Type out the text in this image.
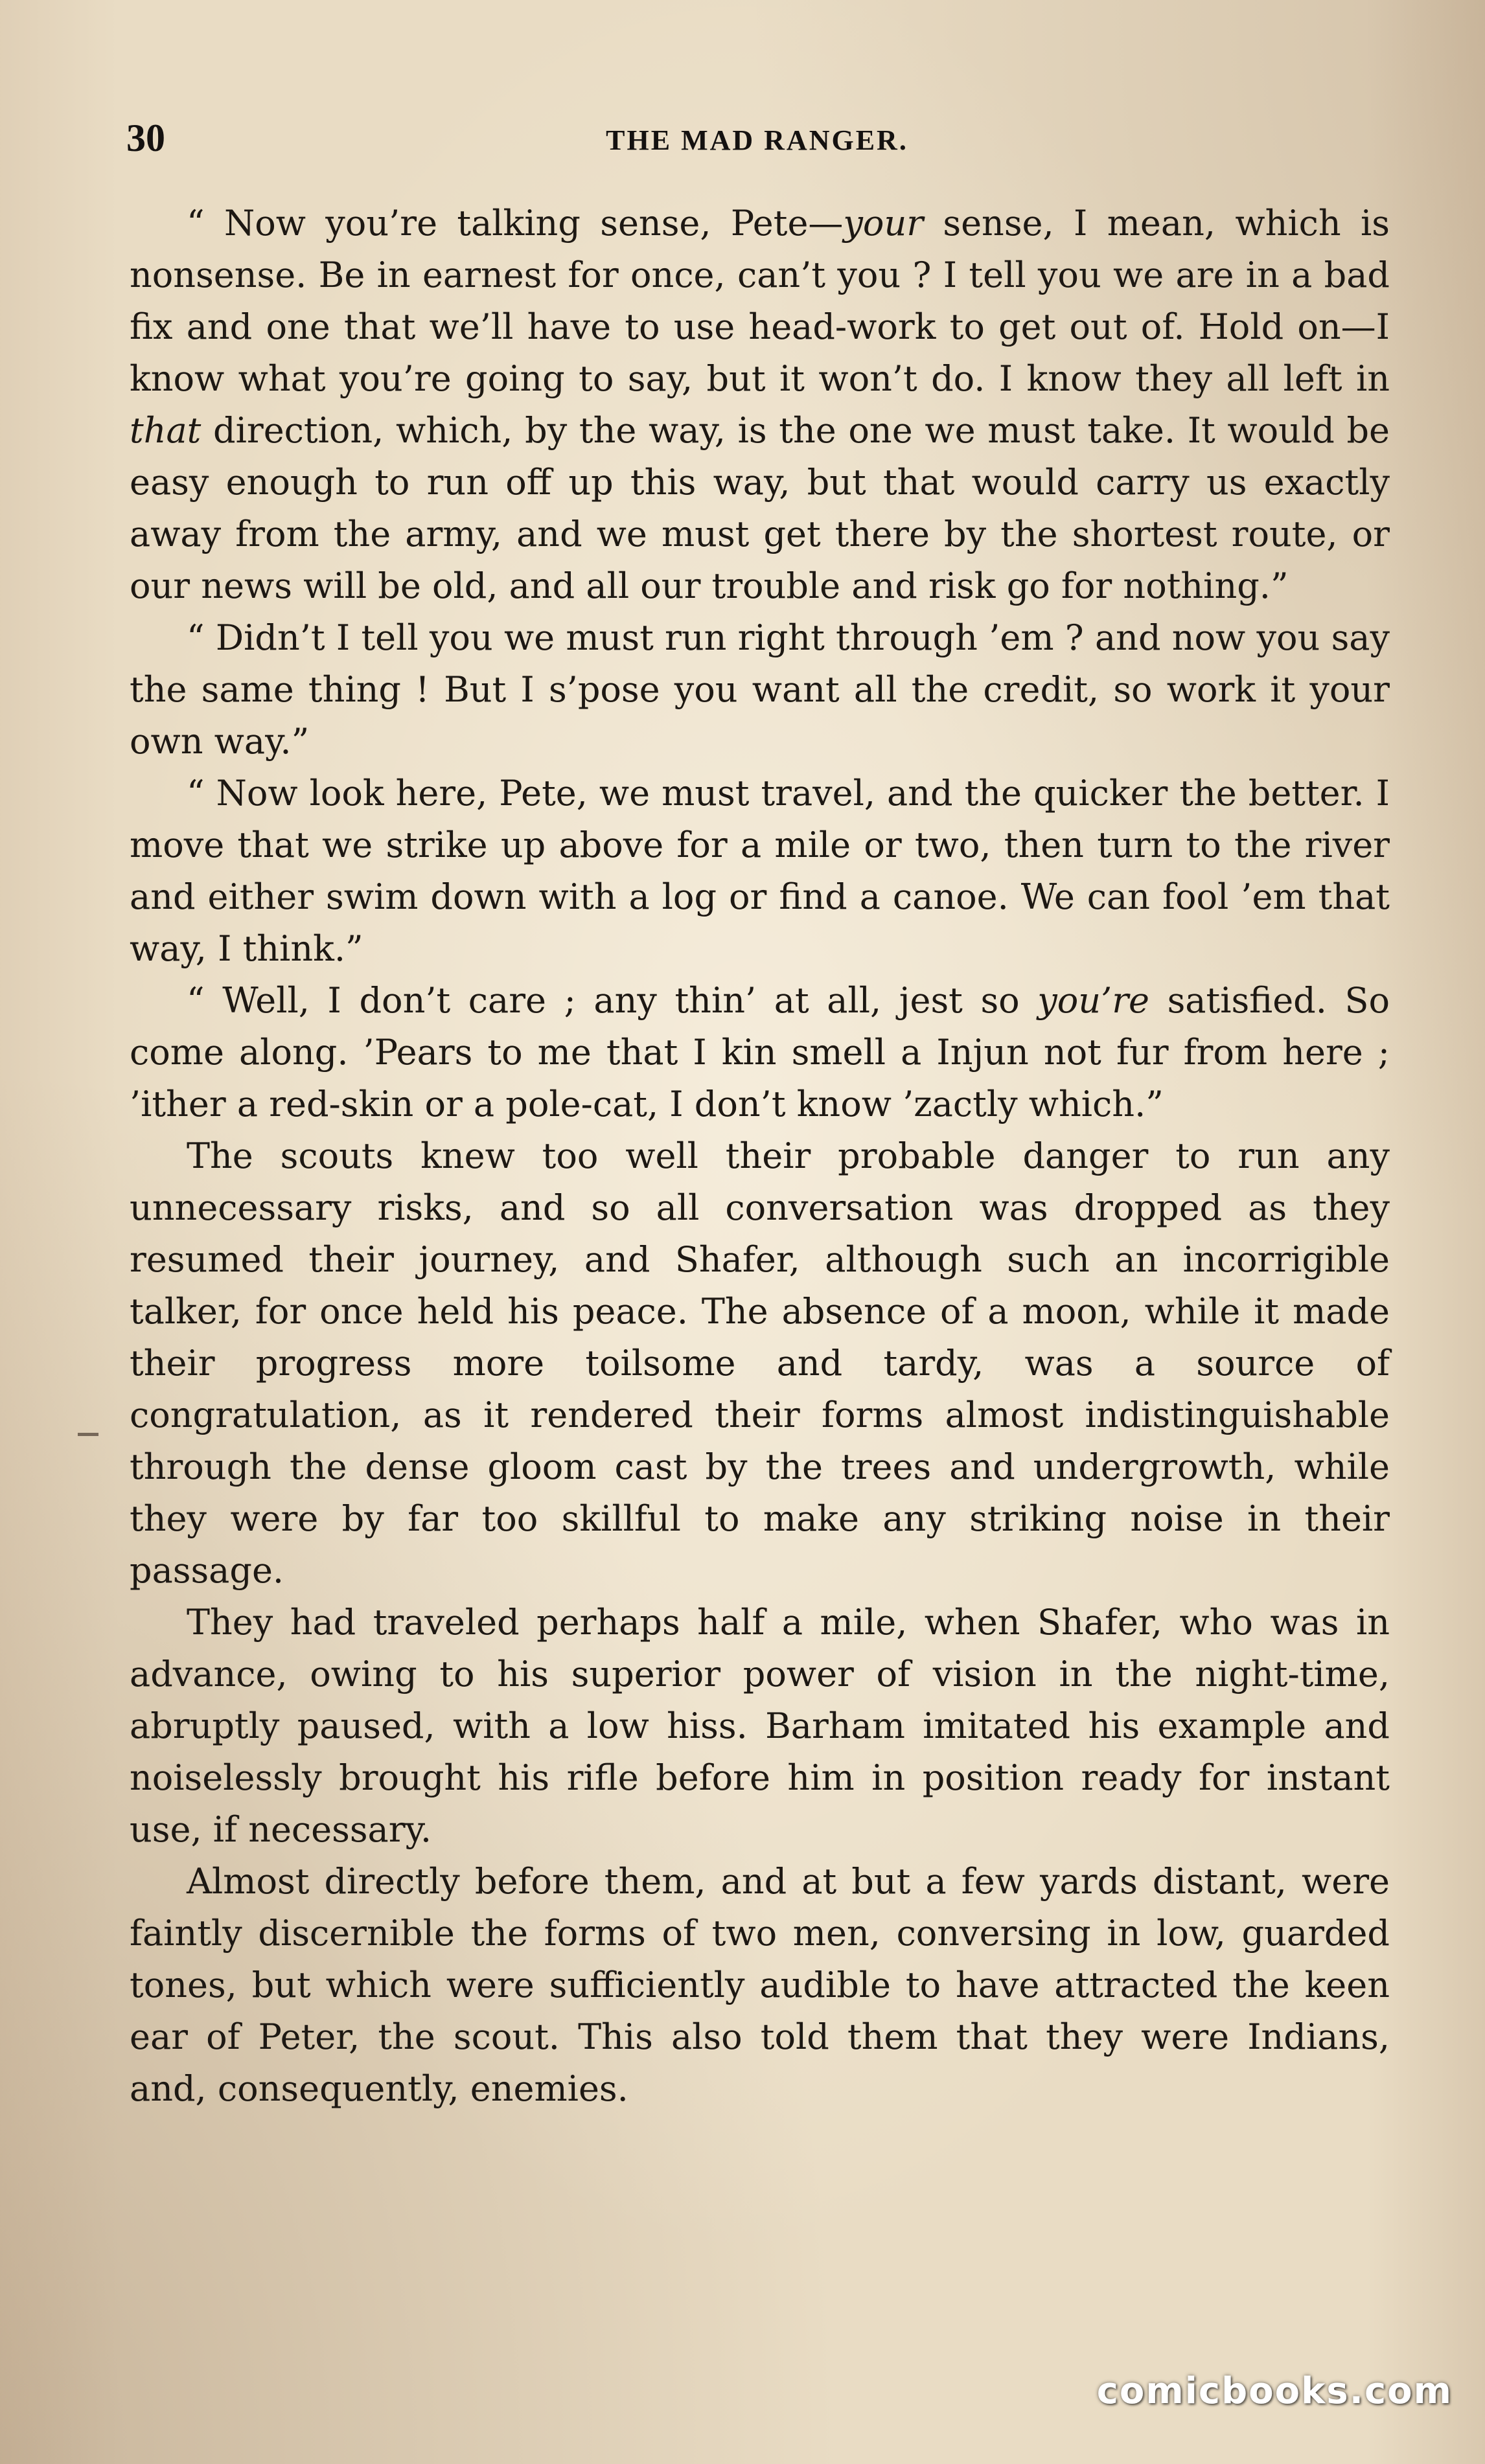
30	THE MAD RANGER.

“ Now you’re talking sense, Pete—your sense, I mean, which is nonsense. Be in earnest for once, can’t you ? I tell you we are in a bad fix and one that we’ll have to use head-work to get out of. Hold on—I know what you’re going to say, but it won’t do. I know they all left in that direction, which, by the way, is the one we must take. It would be easy enough to run off up this way, but that would carry us exactly away from the army, and we must get there by the shortest route, or our news will be old, and all our trouble and risk go for nothing.”

“ Didn’t I tell you we must run right through ’em ? and now you say the same thing ! But I s’pose you want all the credit, so work it your own way.”

“ Now look here, Pete, we must travel, and the quicker the better. I move that we strike up above for a mile or two, then turn to the river and either swim down with a log or find a canoe. We can fool ’em that way, I think.”

“ Well, I don’t care ; any thin’ at all, jest so you’re satisfied. So come along. ’Pears to me that I kin smell a Injun not fur from here ; ’ither a red-skin or a pole-cat, I don’t know ’zactly which.”

The scouts knew too well their probable danger to run any unnecessary risks, and so all conversation was dropped as they resumed their journey, and Shafer, although such an incorrigible talker, for once held his peace. The absence of a moon, while it made their progress more toilsome and tardy, was a source of congratulation, as it rendered their forms almost indistinguishable through the dense gloom cast by the trees and undergrowth, while they were by far too skillful to make any striking noise in their passage.

They had traveled perhaps half a mile, when Shafer, who was in advance, owing to his superior power of vision in the night-time, abruptly paused, with a low hiss. Barham imitated his example and noiselessly brought his rifle before him in position ready for instant use, if necessary.

Almost directly before them, and at but a few yards distant, were faintly discernible the forms of two men, conversing in low, guarded tones, but which were sufficiently audible to have attracted the keen ear of Peter, the scout. This also told them that they were Indians, and, consequently, enemies.

comicbooks.com
